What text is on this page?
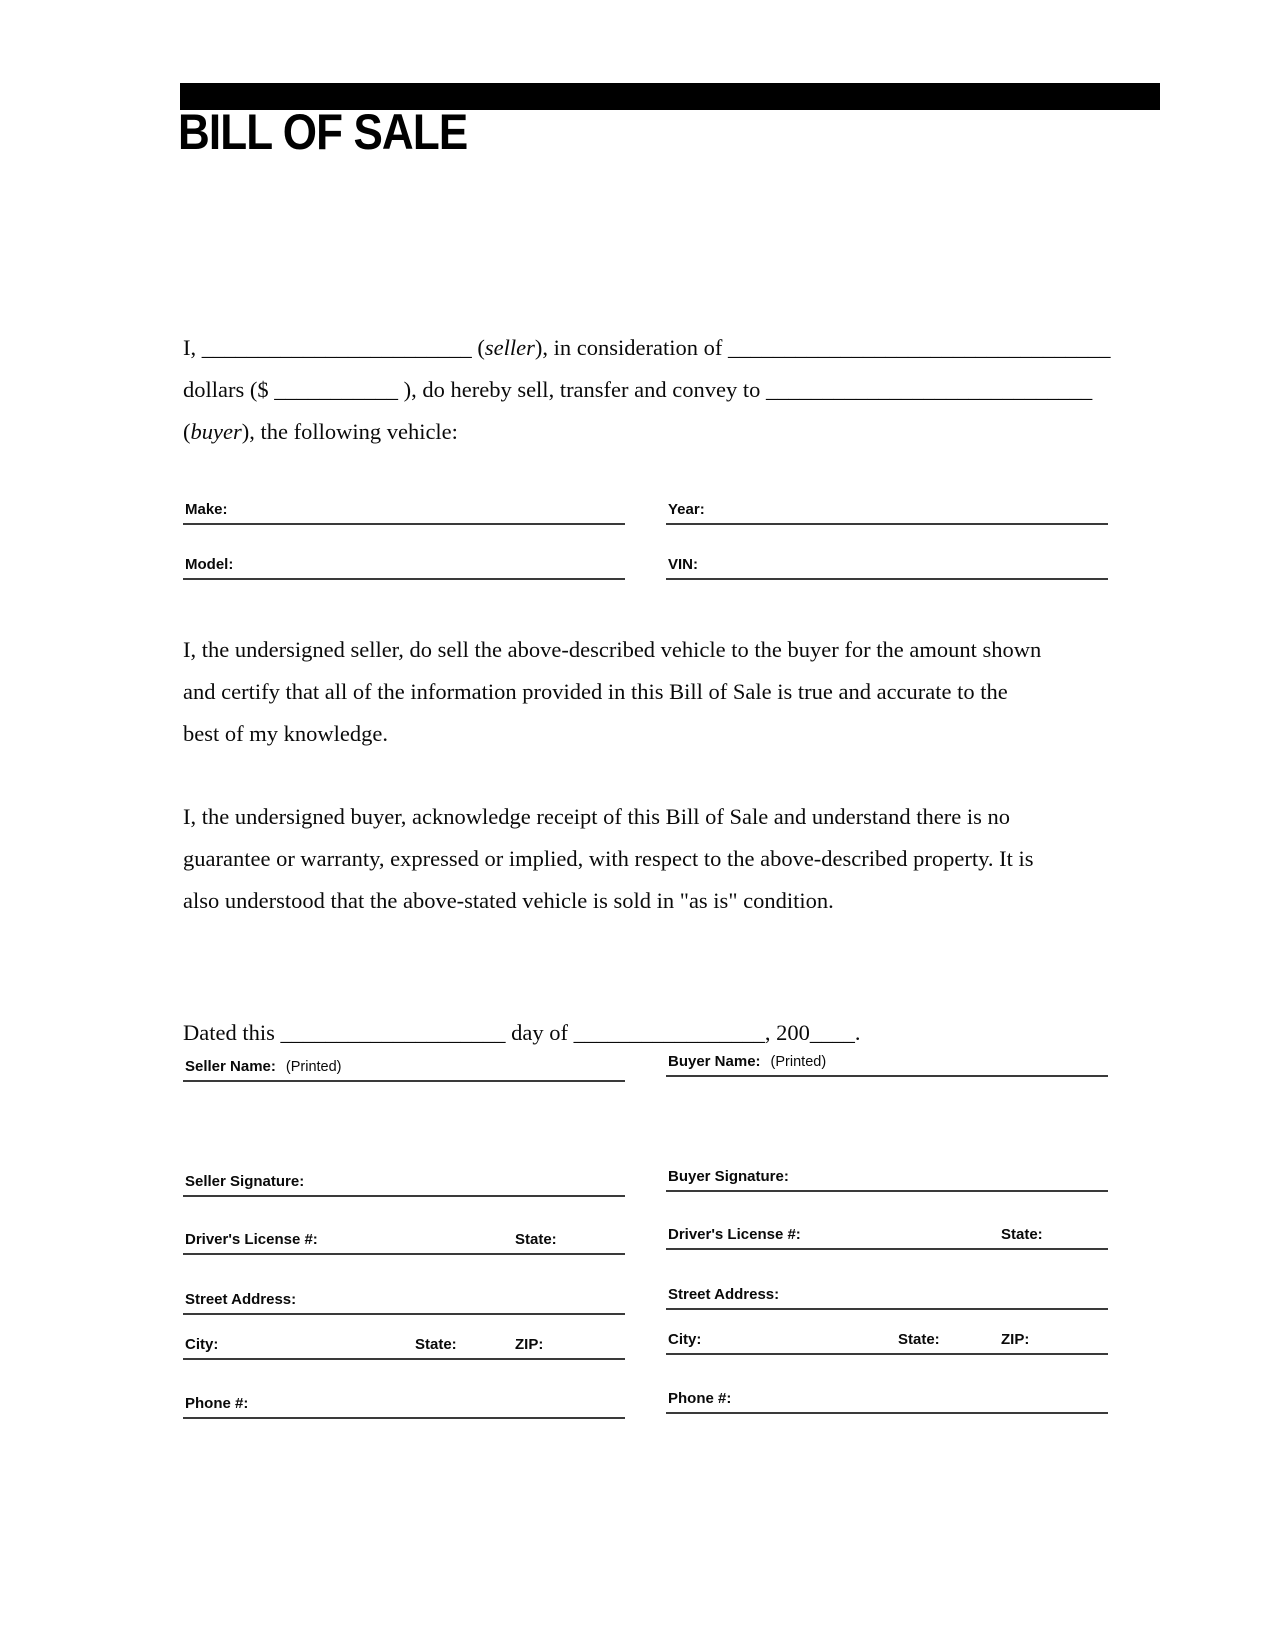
BILL OF SALE
I, ________________________ (seller), in consideration of __________________________________
dollars ($ ___________ ), do hereby sell, transfer and convey to _____________________________
(buyer), the following vehicle:
Make:	Year:
Model:	VIN:
I, the undersigned seller, do sell the above-described vehicle to the buyer for the amount shown
and certify that all of the information provided in this Bill of Sale is true and accurate to the
best of my knowledge.
I, the undersigned buyer, acknowledge receipt of this Bill of Sale and understand there is no
guarantee or warranty, expressed or implied, with respect to the above-described property. It is
also understood that the above-stated vehicle is sold in "as is" condition.
Dated this ____________________ day of _________________, 200____.
Seller Name: (Printed)
Seller Signature:
Driver's License #:	State:
Street Address:
City:	State:	ZIP:
Phone #:
Buyer Name: (Printed)
Buyer Signature:
Driver's License #:	State:
Street Address:
City:	State:	ZIP:
Phone #:
